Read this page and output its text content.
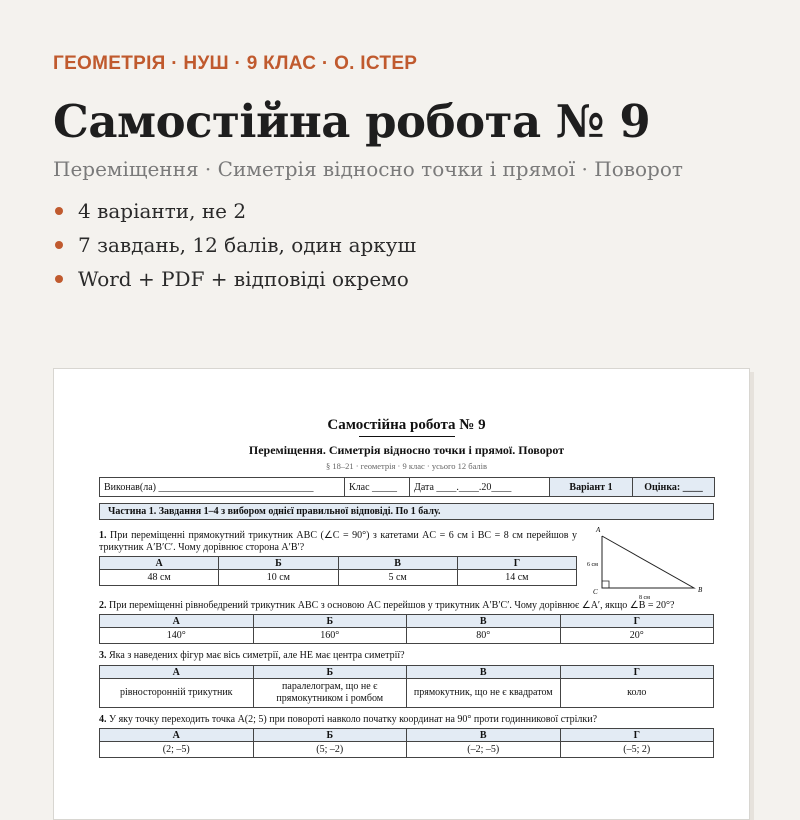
ГЕОМЕТРІЯ · НУШ · 9 КЛАС · О. ІСТЕР
Самостійна робота № 9
Переміщення · Симетрія відносно точки і прямої · Поворот
4 варіанти, не 2
7 завдань, 12 балів, один аркуш
Word + PDF + відповіді окремо
Самостійна робота № 9
Переміщення. Симетрія відносно точки і прямої. Поворот
§ 18–21 · геометрія · 9 клас · усього 12 балів
Виконав(ла) _______________________________	Клас _____	Дата ____.____.20____	Варіант 1	Оцінка: ____
Частина 1. Завдання 1–4 з вибором однієї правильної відповіді. По 1 балу.
1. При переміщенні прямокутний трикутник ABC (∠C = 90°) з катетами AC = 6 см і BC = 8 см перейшов у трикутник A′B′C′. Чому дорівнює сторона A′B′?
А	Б	В	Г
48 см	10 см	5 см	14 см
A
B
C
6 см
8 см
2. При переміщенні рівнобедрений трикутник ABC з основою AC перейшов у трикутник A′B′C′. Чому дорівнює ∠A′, якщо ∠B = 20°?
А	Б	В	Г
140°	160°	80°	20°
3. Яка з наведених фігур має вісь симетрії, але НЕ має центра симетрії?
А	Б	В	Г
рівносторонній трикутник	паралелограм, що не є прямокутником і ромбом	прямокутник, що не є квадратом	коло
4. У яку точку переходить точка A(2; 5) при повороті навколо початку координат на 90° проти годинникової стрілки?
А	Б	В	Г
(2; –5)	(5; –2)	(–2; –5)	(–5; 2)
